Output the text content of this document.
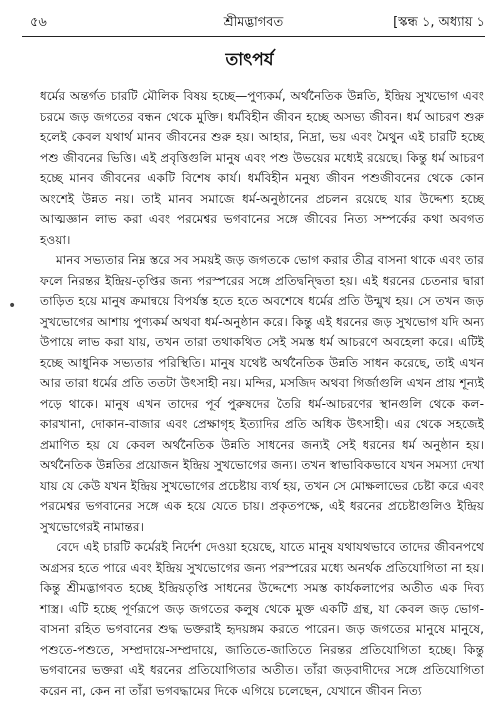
৫৬	শ্রীমদ্ভাগবত	[স্কন্ধ ১, অধ্যায় ১
তাৎপর্য
•

ধর্মের অন্তর্গত চারটি মৌলিক বিষয় হচ্ছে—পুণ্যকর্ম, অর্থনৈতিক উন্নতি, ইন্দ্রিয় সুখভোগ এবং চরমে জড় জগতের বন্ধন থেকে মুক্তি। ধর্মবিহীন জীবন হচ্ছে অসভ্য জীবন। ধর্ম আচরণ শুরু হলেই কেবল যথার্থ মানব জীবনের শুরু হয়। আহার, নিদ্রা, ভয় এবং মৈথুন এই চারটি হচ্ছে পশু জীবনের ভিত্তি। এই প্রবৃত্তিগুলি মানুষ এবং পশু উভয়ের মধ্যেই রয়েছে। কিন্তু ধর্ম আচরণ হচ্ছে মানব জীবনের একটি বিশেষ কার্য। ধর্মবিহীন মনুষ্য জীবন পশুজীবনের থেকে কোন অংশেই উন্নত নয়। তাই মানব সমাজে ধর্ম-অনুষ্ঠানের প্রচলন রয়েছে যার উদ্দেশ্য হচ্ছে আত্মজ্ঞান লাভ করা এবং পরমেশ্বর ভগবানের সঙ্গে জীবের নিত্য সম্পর্কের কথা অবগত হওয়া।

মানব সভ্যতার নিম্ন স্তরে সব সময়ই জড় জগতকে ভোগ করার তীব্র বাসনা থাকে এবং তার ফলে নিরন্তর ইন্দ্রিয়-তৃপ্তির জন্য পরস্পরের সঙ্গে প্রতিদ্বন্দ্বিতা হয়। এই ধরনের চেতনার দ্বারা তাড়িত হয়ে মানুষ ক্রমান্বয়ে বিপর্যস্ত হতে হতে অবশেষে ধর্মের প্রতি উন্মুখ হয়। সে তখন জড় সুখভোগের আশায় পুণ্যকর্ম অথবা ধর্ম-অনুষ্ঠান করে। কিন্তু এই ধরনের জড় সুখভোগ যদি অন্য উপায়ে লাভ করা যায়, তখন তারা তথাকথিত সেই সমস্ত ধর্ম আচরণে অবহেলা করে। এটিই হচ্ছে আধুনিক সভ্যতার পরিস্থিতি। মানুষ যথেষ্ট অর্থনৈতিক উন্নতি সাধন করেছে, তাই এখন আর তারা ধর্মের প্রতি ততটা উৎসাহী নয়। মন্দির, মসজিদ অথবা গির্জাগুলি এখন প্রায় শূন্যই পড়ে থাকে। মানুষ এখন তাদের পূর্ব পুরুষদের তৈরি ধর্ম-আচরণের স্থানগুলি থেকে কল-কারখানা, দোকান-বাজার এবং প্রেক্ষাগৃহ ইত্যাদির প্রতি অধিক উৎসাহী। এর থেকে সহজেই প্রমাণিত হয় যে কেবল অর্থনৈতিক উন্নতি সাধনের জন্যই সেই ধরনের ধর্ম অনুষ্ঠান হয়। অর্থনৈতিক উন্নতির প্রয়োজন ইন্দ্রিয় সুখভোগের জন্য। তখন স্বাভাবিকভাবে যখন সমস্যা দেখা যায় যে কেউ যখন ইন্দ্রিয় সুখভোগের প্রচেষ্টায় ব্যর্থ হয়, তখন সে মোক্ষলাভের চেষ্টা করে এবং পরমেশ্বর ভগবানের সঙ্গে এক হয়ে যেতে চায়। প্রকৃতপক্ষে, এই ধরনের প্রচেষ্টাগুলিও ইন্দ্রিয় সুখভোগেরই নামান্তর।

বেদে এই চারটি কর্মেরই নির্দেশ দেওয়া হয়েছে, যাতে মানুষ যথাযথভাবে তাদের জীবনপথে অগ্রসর হতে পারে এবং ইন্দ্রিয় সুখভোগের জন্য পরস্পরের মধ্যে অনর্থক প্রতিযোগিতা না হয়। কিন্তু শ্রীমদ্ভাগবত হচ্ছে ইন্দ্রিয়তৃপ্তি সাধনের উদ্দেশ্যে সমস্ত কার্যকলাপের অতীত এক দিব্য শাস্ত্র। এটি হচ্ছে পূর্ণরূপে জড় জগতের কলুষ থেকে মুক্ত একটি গ্রন্থ, যা কেবল জড় ভোগ-বাসনা রহিত ভগবানের শুদ্ধ ভক্তরাই হৃদয়ঙ্গম করতে পারেন। জড় জগতের মানুষে মানুষে, পশুতে-পশুতে, সম্প্রদায়ে-সম্প্রদায়ে, জাতিতে-জাতিতে নিরন্তর প্রতিযোগিতা হচ্ছে। কিন্তু ভগবানের ভক্তরা এই ধরনের প্রতিযোগিতার অতীত। তাঁরা জড়বাদীদের সঙ্গে প্রতিযোগিতা করেন না, কেন না তাঁরা ভগবদ্ধামের দিকে এগিয়ে চলেছেন, যেখানে জীবন নিত্য
